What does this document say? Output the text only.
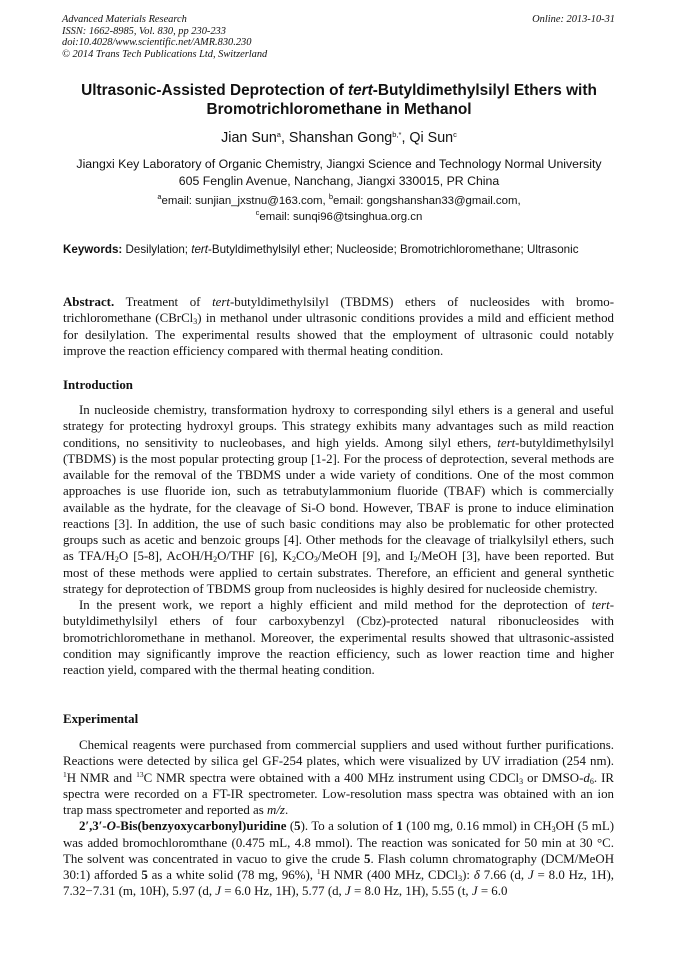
Advanced Materials Research
ISSN: 1662-8985, Vol. 830, pp 230-233
doi:10.4028/www.scientific.net/AMR.830.230
© 2014 Trans Tech Publications Ltd, Switzerland
Online: 2013-10-31
Ultrasonic-Assisted Deprotection of tert-Butyldimethylsilyl Ethers with
Bromotrichloromethane in Methanol
Jian Sun$^a$, Shanshan Gong$^{b,*}$, Qi Sun$^c$
Jiangxi Key Laboratory of Organic Chemistry, Jiangxi Science and Technology Normal University
605 Fenglin Avenue, Nanchang, Jiangxi 330015, PR China
$^a$email: sunjian_jxstnu@163.com, $^b$email: gongshanshan33@gmail.com,
$^c$email: sunqi96@tsinghua.org.cn
Keywords: Desilylation; tert-Butyldimethylsilyl ether; Nucleoside; Bromotrichloromethane; Ultrasonic

Abstract. Treatment of tert-butyldimethylsilyl (TBDMS) ethers of nucleosides with bromo-trichloromethane (CBrCl$_3$) in methanol under ultrasonic conditions provides a mild and efficient method for desilylation. The experimental results showed that the employment of ultrasonic could notably improve the reaction efficiency compared with thermal heating condition.

Introduction

In nucleoside chemistry, transformation hydroxy to corresponding silyl ethers is a general and useful strategy for protecting hydroxyl groups. This strategy exhibits many advantages such as mild reaction conditions, no sensitivity to nucleobases, and high yields. Among silyl ethers, tert-butyldimethylsilyl (TBDMS) is the most popular protecting group [1-2]. For the process of deprotection, several methods are available for the removal of the TBDMS under a wide variety of conditions. One of the most common approaches is use fluoride ion, such as tetrabutylammonium fluoride (TBAF) which is commercially available as the hydrate, for the cleavage of Si-O bond. However, TBAF is prone to induce elimination reactions [3]. In addition, the use of such basic conditions may also be problematic for other protected groups such as acetic and benzoic groups [4]. Other methods for the cleavage of trialkylsilyl ethers, such as TFA/$H_2O$ [5-8], AcOH/$H_2O$/THF [6], $K_2CO_3$/MeOH [9], and $I_2$/MeOH [3], have been reported. But most of these methods were applied to certain substrates. Therefore, an efficient and general synthetic strategy for deprotection of TBDMS group from nucleosides is highly desired for nucleoside chemistry.

In the present work, we report a highly efficient and mild method for the deprotection of tert-butyldimethylsilyl ethers of four carboxybenzyl (Cbz)-protected natural ribonucleosides with bromotrichloromethane in methanol. Moreover, the experimental results showed that ultrasonic-assisted condition may significantly improve the reaction efficiency, such as lower reaction time and higher reaction yield, compared with the thermal heating condition.

Experimental

Chemical reagents were purchased from commercial suppliers and used without further purifications. Reactions were detected by silica gel GF-254 plates, which were visualized by UV irradiation (254 nm). $^1$H NMR and $^{13}$C NMR spectra were obtained with a 400 MHz instrument using CDCl$_3$ or DMSO-$d_6$. IR spectra were recorded on a FT-IR spectrometer. Low-resolution mass spectra was obtained with an ion trap mass spectrometer and reported as m/z.

2′,3′-O-Bis(benzyoxycarbonyl)uridine (5). To a solution of 1 (100 mg, 0.16 mmol) in $CH_3OH$ (5 mL) was added bromochloromthane (0.475 mL, 4.8 mmol). The reaction was sonicated for 50 min at 30 °C. The solvent was concentrated in vacuo to give the crude 5. Flash column chromatography (DCM/MeOH 30:1) afforded 5 as a white solid (78 mg, 96%), $^1$H NMR (400 MHz, CDCl$_3$): δ 7.66 (d, J = 8.0 Hz, 1H), 7.32−7.31 (m, 10H), 5.97 (d, J = 6.0 Hz, 1H), 5.77 (d, J = 8.0 Hz, 1H), 5.55 (t, J = 6.0
